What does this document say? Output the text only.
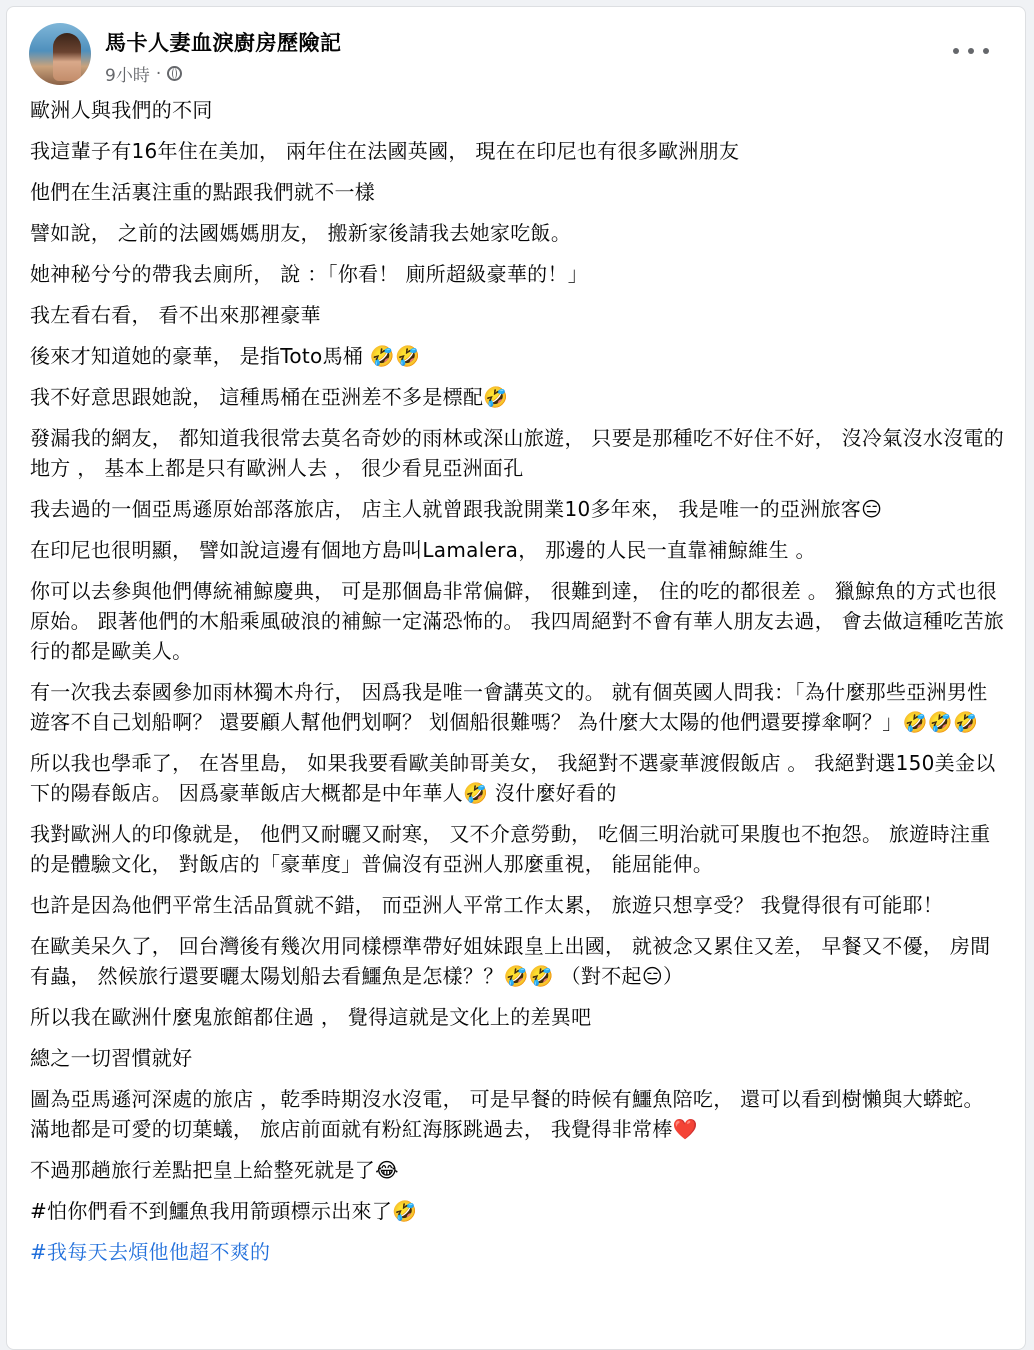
馬卡人妻血淚廚房歷險記
9小時 ·

歐洲人與我們的不同

我這輩子有16年住在美加， 兩年住在法國英國， 現在在印尼也有很多歐洲朋友

他們在生活裏注重的點跟我們就不一樣

譬如說， 之前的法國媽媽朋友， 搬新家後請我去她家吃飯。

她神秘兮兮的帶我去廁所， 說 ：「你看！ 廁所超級豪華的！」

我左看右看， 看不出來那裡豪華

後來才知道她的豪華， 是指Toto馬桶 🤣🤣

我不好意思跟她說， 這種馬桶在亞洲差不多是標配🤣

發漏我的網友， 都知道我很常去莫名奇妙的雨林或深山旅遊， 只要是那種吃不好住不好， 沒冷氣沒水沒電的地方 ， 基本上都是只有歐洲人去 ， 很少看見亞洲面孔

我去過的一個亞馬遜原始部落旅店， 店主人就曾跟我說開業10多年來， 我是唯一的亞洲旅客😑

在印尼也很明顯， 譬如說這邊有個地方島叫Lamalera， 那邊的人民一直靠補鯨維生 。

你可以去參與他們傳統補鯨慶典， 可是那個島非常偏僻， 很難到達， 住的吃的都很差 。 獵鯨魚的方式也很 原始。 跟著他們的木船乘風破浪的補鯨一定滿恐怖的。 我四周絕對不會有華人朋友去過， 會去做這種吃苦旅行的都是歐美人。

有一次我去泰國參加雨林獨木舟行， 因爲我是唯一會講英文的。 就有個英國人問我：「為什麼那些亞洲男性遊客不自己划船啊？ 還要顧人幫他們划啊？ 划個船很難嗎？ 為什麼大太陽的他們還要撐傘啊？」🤣🤣🤣

所以我也學乖了， 在峇里島， 如果我要看歐美帥哥美女， 我絕對不選豪華渡假飯店 。 我絕對選150美金以下的陽春飯店。 因爲豪華飯店大概都是中年華人🤣 沒什麼好看的

我對歐洲人的印像就是， 他們又耐曬又耐寒， 又不介意勞動， 吃個三明治就可果腹也不抱怨。 旅遊時注重的是體驗文化， 對飯店的「豪華度」普偏沒有亞洲人那麼重視， 能屈能伸。

也許是因為他們平常生活品質就不錯， 而亞洲人平常工作太累， 旅遊只想享受？ 我覺得很有可能耶！

在歐美呆久了， 回台灣後有幾次用同樣標準帶好姐妹跟皇上出國， 就被念又累住又差， 早餐又不優， 房間有蟲， 然候旅行還要曬太陽划船去看鱷魚是怎樣？？🤣🤣 （對不起😑）

所以我在歐洲什麼鬼旅館都住過 ， 覺得這就是文化上的差異吧

總之一切習慣就好

圖為亞馬遜河深處的旅店 ，乾季時期沒水沒電， 可是早餐的時候有鱷魚陪吃， 還可以看到樹懶與大蟒蛇。 滿地都是可愛的切葉蟻， 旅店前面就有粉紅海豚跳過去， 我覺得非常棒❤️

不過那趟旅行差點把皇上給整死就是了😂

#怕你們看不到鱷魚我用箭頭標示出來了🤣

#我每天去煩他他超不爽的
